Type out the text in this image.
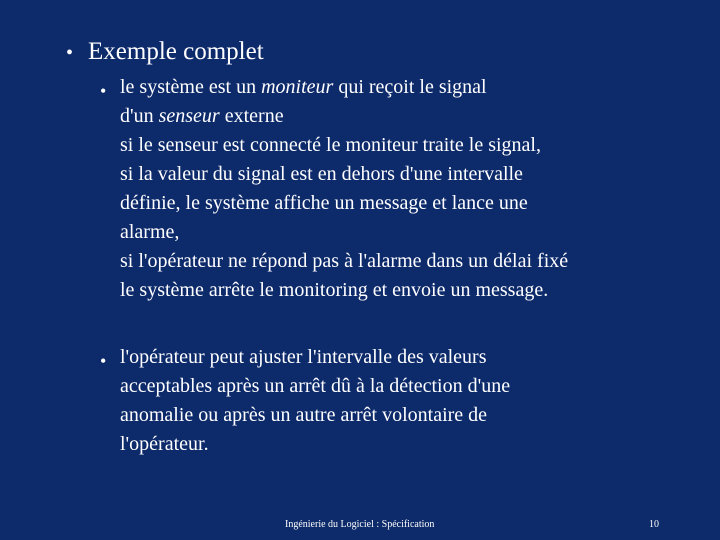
• Exemple complet
• le système est un moniteur qui reçoit le signal
d'un senseur externe
si le senseur est connecté le moniteur traite le signal,
si la valeur du signal est en dehors d'une intervalle
définie, le système affiche un message et lance une
alarme,
si l'opérateur ne répond pas à l'alarme dans un délai fixé
le système arrête le monitoring et envoie un message.
• l'opérateur peut ajuster l'intervalle des valeurs
acceptables après un arrêt dû à la détection d'une
anomalie ou après un autre arrêt volontaire de
l'opérateur.
Ingénierie du Logiciel : Spécification	10
